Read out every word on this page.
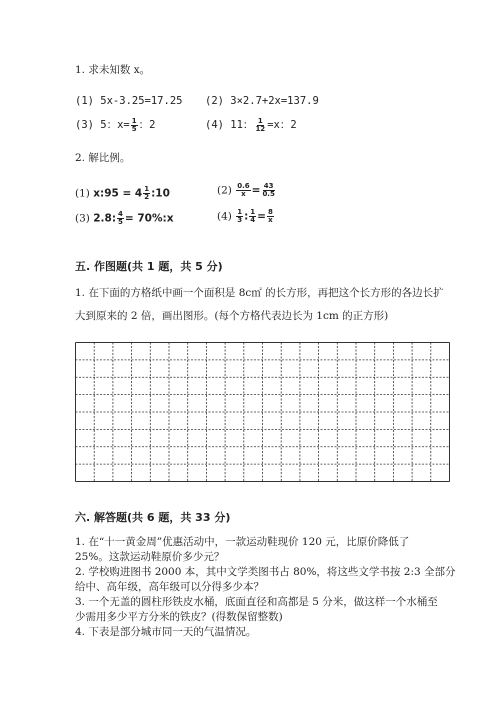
1. 求未知数 x。
(1) 5x-3.25=17.25 (2) 3×2.7+2x=137.9
(3) 5：$x= \frac{1}{5}$ ：2	(4) 11： $\frac{1}{12} =x$：2
2. 解比例。
(1) x:95 = $4 \frac{1}{2}$ :10	$(2) \frac{0.6}{x} = \frac{43}{0.5}$
(3) 2.8: $\frac{4}{5}$ = 70%:x	$(4) \frac{1}{3}$ : $\frac{1}{4} = \frac{8}{x}$
五. 作图题(共 1 题，共 5 分)
1. 在下面的方格纸中画一个面积是 8c㎡ 的长方形，再把这个长方形的各边长扩
大到原来的 2 倍，画出图形。(每个方格代表边长为 1cm 的正方形)
六. 解答题(共 6 题，共 33 分)
1. 在“十一黄金周”优惠活动中，一款运动鞋现价 120 元，比原价降低了
25%。这款运动鞋原价多少元？
2. 学校购进图书 2000 本，其中文学类图书占 80%，将这些文学书按 2:3 全部分
给中、高年级，高年级可以分得多少本？
3. 一个无盖的圆柱形铁皮水桶，底面直径和高都是 5 分米，做这样一个水桶至
少需用多少平方分米的铁皮？(得数保留整数)
4. 下表是部分城市同一天的气温情况。
